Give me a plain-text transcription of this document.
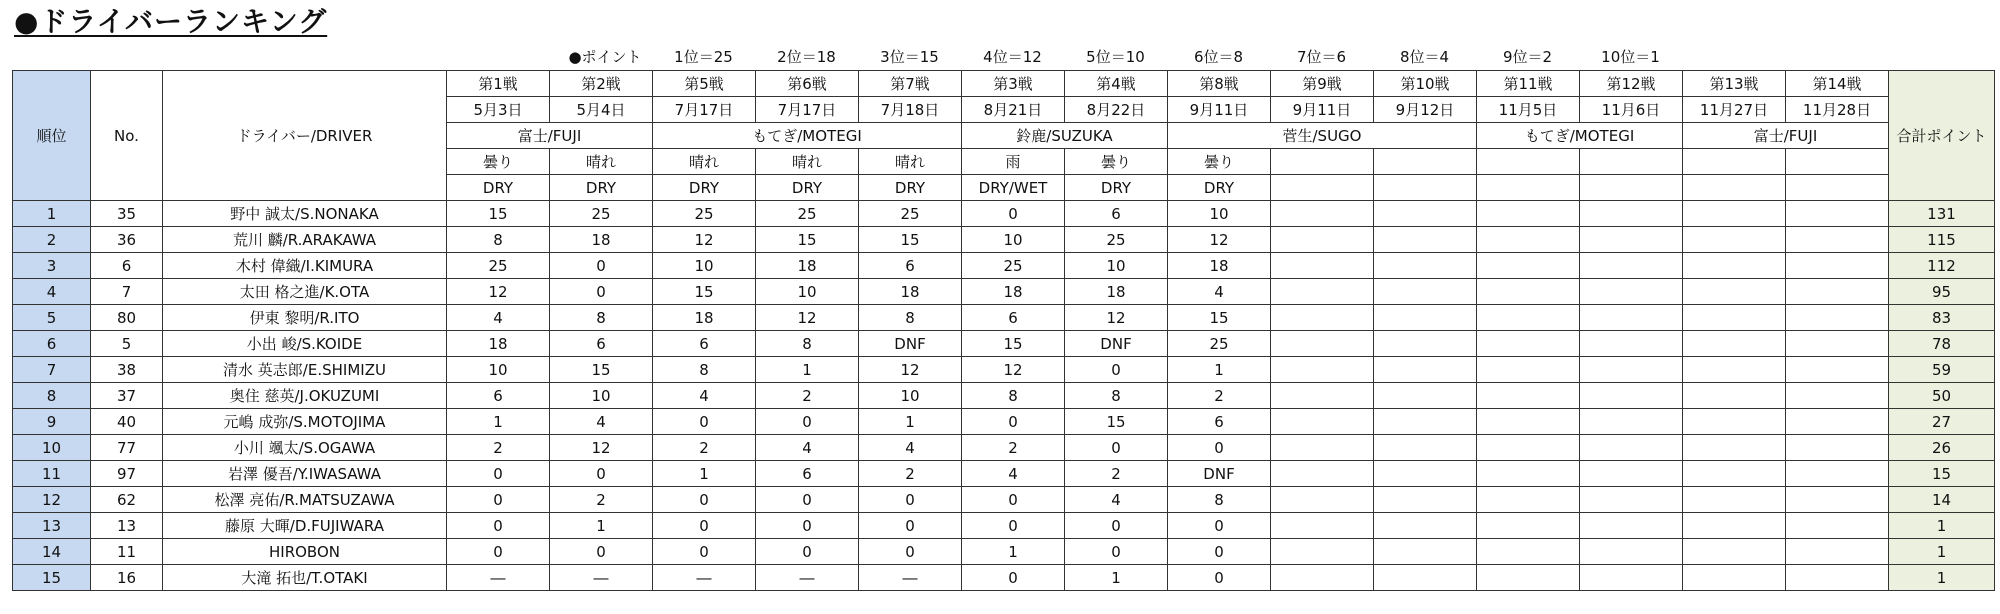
●ドライバーランキング
●ポイント	1位＝25	2位＝18	3位＝15	4位＝12	5位＝10	6位＝8	7位＝6	8位＝4	9位＝2	10位＝1
順位	No.	ドライバー/DRIVER	第1戦	第2戦	第5戦	第6戦	第7戦	第3戦	第4戦	第8戦	第9戦	第10戦	第11戦	第12戦	第13戦	第14戦	合計ポイント
			5月3日	5月4日	7月17日	7月17日	7月18日	8月21日	8月22日	9月11日	9月11日	9月12日	11月5日	11月6日	11月27日	11月28日	
			富士/FUJI		もてぎ/MOTEGI			鈴鹿/SUZUKA		菅生/SUGO			もてぎ/MOTEGI		富士/FUJI		
			曇り	晴れ	晴れ	晴れ	晴れ	雨	曇り	曇り							
			DRY	DRY	DRY	DRY	DRY	DRY/WET	DRY	DRY							
1	35	野中 誠太/S.NONAKA	15	25	25	25	25	0	6	10							131
2	36	荒川 麟/R.ARAKAWA	8	18	12	15	15	10	25	12							115
3	6	木村 偉織/I.KIMURA	25	0	10	18	6	25	10	18							112
4	7	太田 格之進/K.OTA	12	0	15	10	18	18	18	4							95
5	80	伊東 黎明/R.ITO	4	8	18	12	8	6	12	15							83
6	5	小出 峻/S.KOIDE	18	6	6	8	DNF	15	DNF	25							78
7	38	清水 英志郎/E.SHIMIZU	10	15	8	1	12	12	0	1							59
8	37	奥住 慈英/J.OKUZUMI	6	10	4	2	10	8	8	2							50
9	40	元嶋 成弥/S.MOTOJIMA	1	4	0	0	1	0	15	6							27
10	77	小川 颯太/S.OGAWA	2	12	2	4	4	2	0	0							26
11	97	岩澤 優吾/Y.IWASAWA	0	0	1	6	2	4	2	DNF							15
12	62	松澤 亮佑/R.MATSUZAWA	0	2	0	0	0	0	4	8							14
13	13	藤原 大暉/D.FUJIWARA	0	1	0	0	0	0	0	0							1
14	11	HIROBON	0	0	0	0	0	1	0	0							1
15	16	大滝 拓也/T.OTAKI	―	―	―	―	―	0	1	0							1
